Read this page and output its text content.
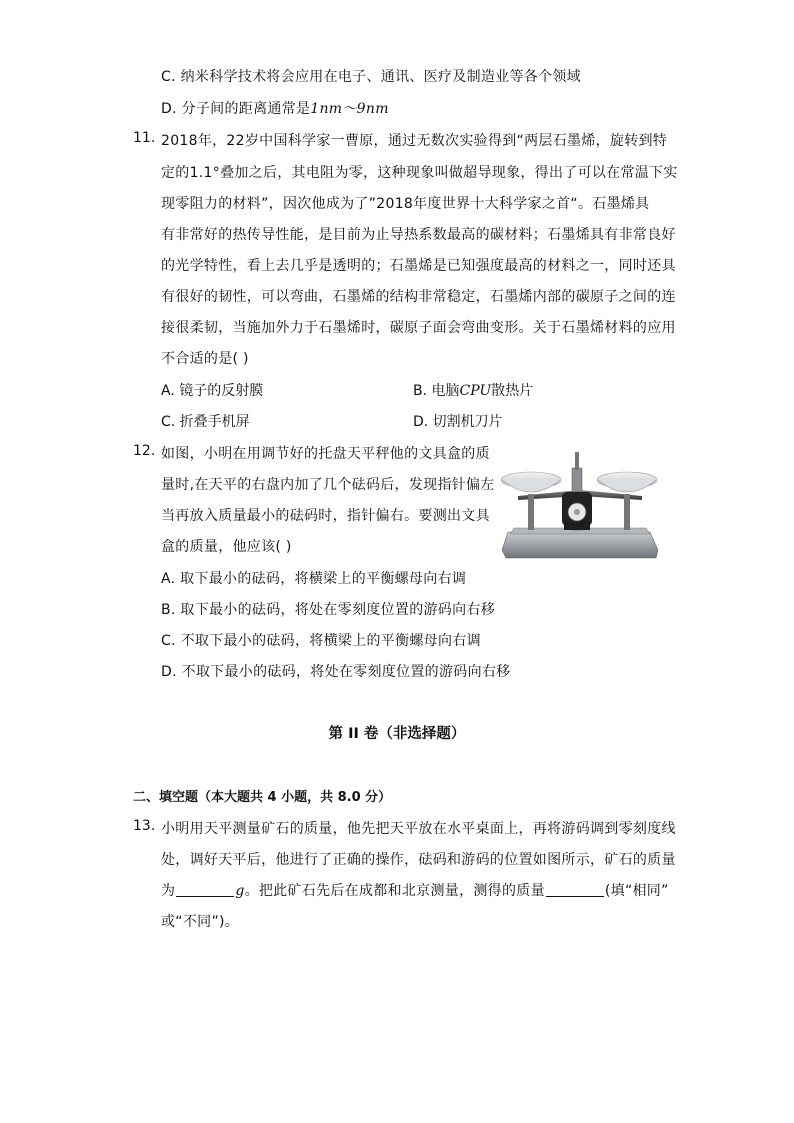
C. 纳米科学技术将会应用在电子、通讯、医疗及制造业等各个领域
D. 分子间的距离通常是1nm～9nm
11. 2018年，22岁中国科学家一曹原，通过无数次实验得到“两层石墨烯，旋转到特
定的1.1°叠加之后，其电阻为零，这种现象叫做超导现象，得出了可以在常温下实
现零阻力的材料”，因次他成为了”2018年度世界十大科学家之首“。石墨烯具
有非常好的热传导性能，是目前为止导热系数最高的碳材料；石墨烯具有非常良好
的光学特性，看上去几乎是透明的；石墨烯是已知强度最高的材料之一，同时还具
有很好的韧性，可以弯曲，石墨烯的结构非常稳定，石墨烯内部的碳原子之间的连
接很柔韧，当施加外力于石墨烯时，碳原子面会弯曲变形。关于石墨烯材料的应用
不合适的是( )
A. 镜子的反射膜	B. 电脑CPU散热片
C. 折叠手机屏	D. 切割机刀片
12. 如图，小明在用调节好的托盘天平秤他的文具盒的质
量时,在天平的右盘内加了几个砝码后，发现指针偏左
当再放入质量最小的砝码时，指针偏右。要测出文具
盒的质量，他应该( )
A. 取下最小的砝码，将横梁上的平衡螺母向右调
B. 取下最小的砝码，将处在零刻度位置的游码向右移
C. 不取下最小的砝码，将横梁上的平衡螺母向右调
D. 不取下最小的砝码，将处在零刻度位置的游码向右移
第 II 卷（非选择题）
二、填空题（本大题共 4 小题，共 8.0 分）
13. 小明用天平测量矿石的质量，他先把天平放在水平桌面上，再将游码调到零刻度线
处，调好天平后，他进行了正确的操作，砝码和游码的位置如图所示，矿石的质量
为	g。把此矿石先后在成都和北京测量，测得的质量	(填“相同”
或“不同”)。
